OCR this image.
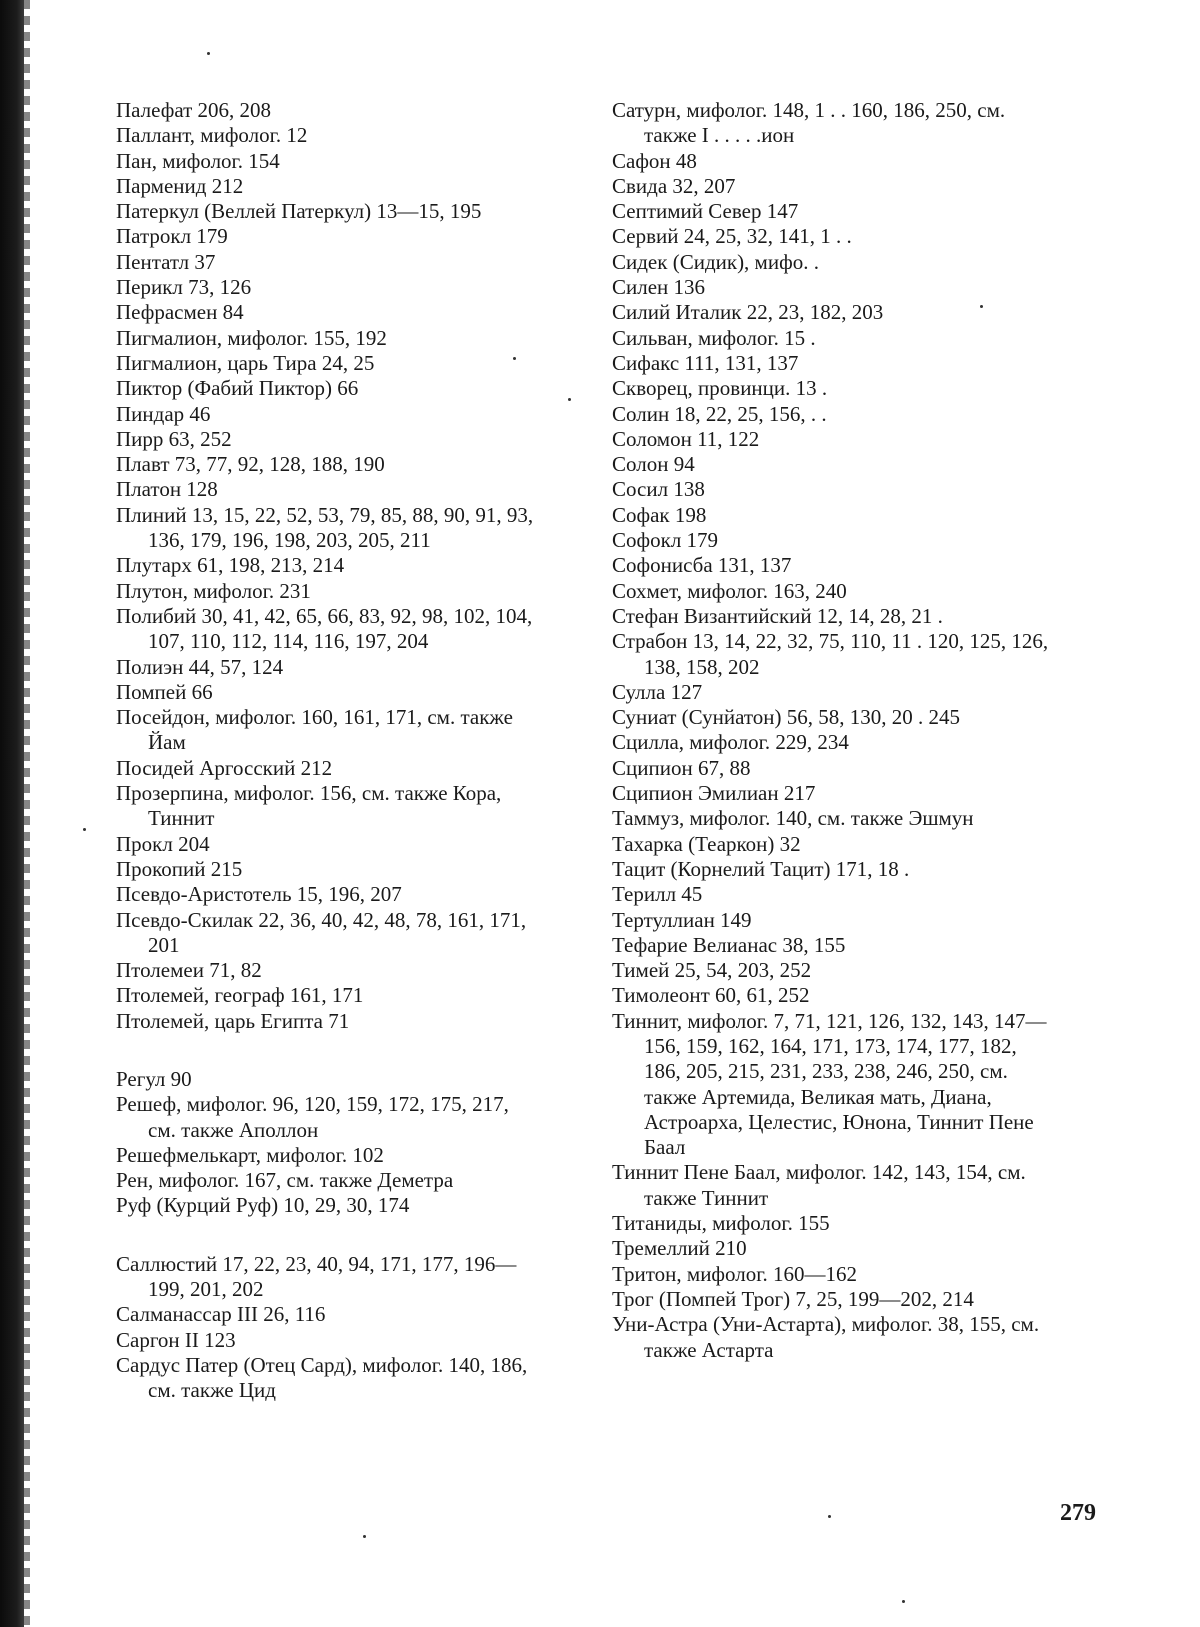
Палефат 206, 208
Паллант, мифолог. 12
Пан, мифолог. 154
Парменид 212
Патеркул (Веллей Патеркул) 13—15, 195
Патрокл 179
Пентатл 37
Перикл 73, 126
Пефрасмен 84
Пигмалион, мифолог. 155, 192
Пигмалион, царь Тира 24, 25
Пиктор (Фабий Пиктор) 66
Пиндар 46
Пирр 63, 252
Плавт 73, 77, 92, 128, 188, 190
Платон 128
Плиний 13, 15, 22, 52, 53, 79, 85, 88, 90, 91, 93, 136, 179, 196, 198, 203, 205, 211
Плутарх 61, 198, 213, 214
Плутон, мифолог. 231
Полибий 30, 41, 42, 65, 66, 83, 92, 98, 102, 104, 107, 110, 112, 114, 116, 197, 204
Полиэн 44, 57, 124
Помпей 66
Посейдон, мифолог. 160, 161, 171, см. также Йам
Посидей Аргосский 212
Прозерпина, мифолог. 156, см. также Кора, Тиннит
Прокл 204
Прокопий 215
Псевдо-Аристотель 15, 196, 207
Псевдо-Скилак 22, 36, 40, 42, 48, 78, 161, 171, 201
Птолемеи 71, 82
Птолемей, географ 161, 171
Птолемей, царь Египта 71
Регул 90
Решеф, мифолог. 96, 120, 159, 172, 175, 217, см. также Аполлон
Решефмелькарт, мифолог. 102
Рен, мифолог. 167, см. также Деметра
Руф (Курций Руф) 10, 29, 30, 174
Саллюстий 17, 22, 23, 40, 94, 171, 177, 196—199, 201, 202
Салманассар III 26, 116
Саргон II 123
Сардус Патер (Отец Сард), мифолог. 140, 186, см. также Цид
Сатурн, мифолог. 148, 1 . . 160, 186, 250, см. также I . . . . .ион
Сафон 48
Свида 32, 207
Септимий Север 147
Сервий 24, 25, 32, 141, 1 . .
Сидек (Сидик), мифо. .
Силен 136
Силий Италик 22, 23, 182, 203
Сильван, мифолог. 15 .
Сифакс 111, 131, 137
Скворец, провинци. 13 .
Солин 18, 22, 25, 156, . .
Соломон 11, 122
Солон 94
Сосил 138
Софак 198
Софокл 179
Софонисба 131, 137
Сохмет, мифолог. 163, 240
Стефан Византийский 12, 14, 28, 21 .
Страбон 13, 14, 22, 32, 75, 110, 11 . 120, 125, 126, 138, 158, 202
Сулла 127
Суниат (Сунйатон) 56, 58, 130, 20 . 245
Сцилла, мифолог. 229, 234
Сципион 67, 88
Сципион Эмилиан 217
Таммуз, мифолог. 140, см. также Эшмун
Тахарка (Теаркон) 32
Тацит (Корнелий Тацит) 171, 18 .
Терилл 45
Тертуллиан 149
Тефарие Велианас 38, 155
Тимей 25, 54, 203, 252
Тимолеонт 60, 61, 252
Тиннит, мифолог. 7, 71, 121, 126, 132, 143, 147—156, 159, 162, 164, 171, 173, 174, 177, 182, 186, 205, 215, 231, 233, 238, 246, 250, см. также Артемида, Великая мать, Диана, Астроарха, Целестис, Юнона, Тиннит Пене Баал
Тиннит Пене Баал, мифолог. 142, 143, 154, см. также Тиннит
Титаниды, мифолог. 155
Тремеллий 210
Тритон, мифолог. 160—162
Трог (Помпей Трог) 7, 25, 199—202, 214
Уни-Астра (Уни-Астарта), мифолог. 38, 155, см. также Астарта
279
